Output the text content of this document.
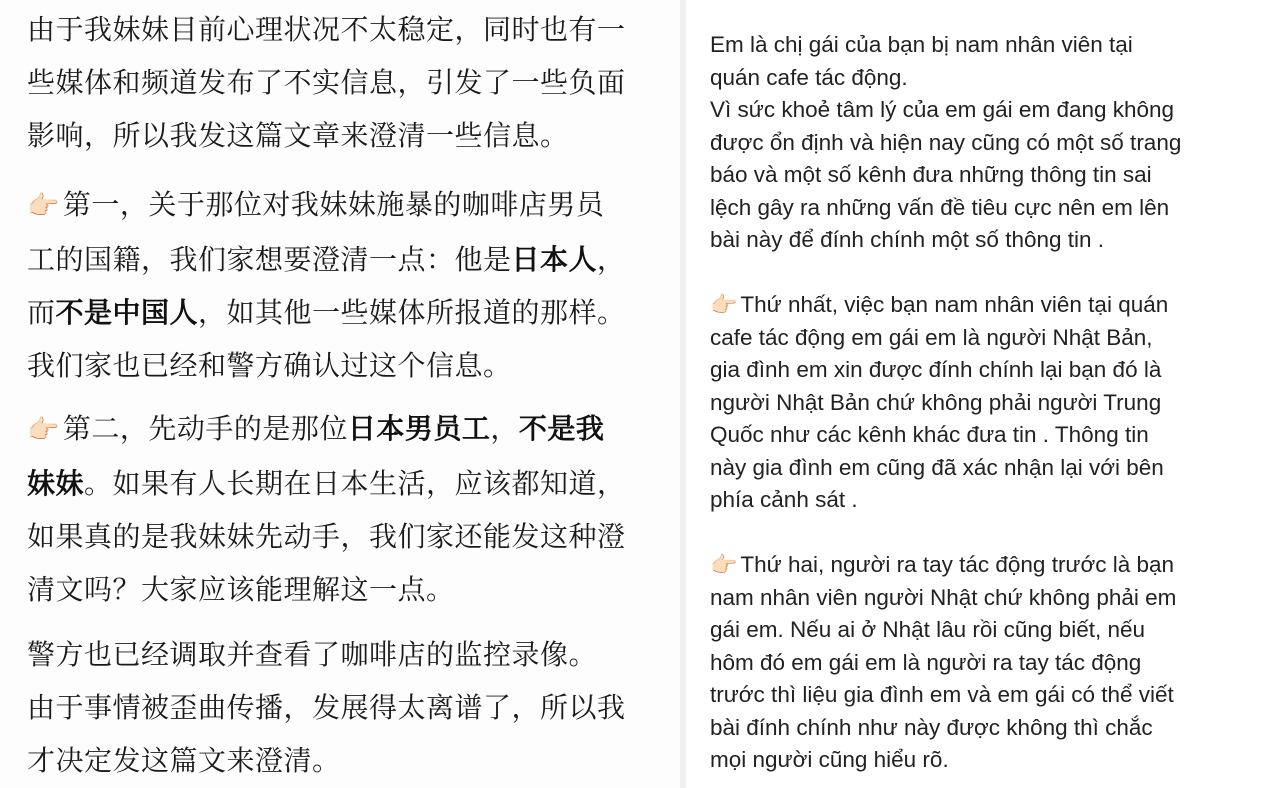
由于我妹妹目前心理状况不太稳定，同时也有一
些媒体和频道发布了不实信息，引发了一些负面
影响，所以我发这篇文章来澄清一些信息。

👉🏻 第一，关于那位对我妹妹施暴的咖啡店男员
工的国籍，我们家想要澄清一点：他是日本人，
而不是中国人，如其他一些媒体所报道的那样。
我们家也已经和警方确认过这个信息。

👉🏻 第二，先动手的是那位日本男员工，不是我
妹妹。如果有人长期在日本生活，应该都知道，
如果真的是我妹妹先动手，我们家还能发这种澄
清文吗？大家应该能理解这一点。

警方也已经调取并查看了咖啡店的监控录像。
由于事情被歪曲传播，发展得太离谱了，所以我
才决定发这篇文来澄清。

Em là chị gái của bạn bị nam nhân viên tại
quán cafe tác động.
Vì sức khoẻ tâm lý của em gái em đang không
được ổn định và hiện nay cũng có một số trang
báo và một số kênh đưa những thông tin sai
lệch gây ra những vấn đề tiêu cực nên em lên
bài này để đính chính một số thông tin .

👉🏻 Thứ nhất, việc bạn nam nhân viên tại quán
cafe tác động em gái em là người Nhật Bản,
gia đình em xin được đính chính lại bạn đó là
người Nhật Bản chứ không phải người Trung
Quốc như các kênh khác đưa tin . Thông tin
này gia đình em cũng đã xác nhận lại với bên
phía cảnh sát .

👉🏻 Thứ hai, người ra tay tác động trước là bạn
nam nhân viên người Nhật chứ không phải em
gái em. Nếu ai ở Nhật lâu rồi cũng biết, nếu
hôm đó em gái em là người ra tay tác động
trước thì liệu gia đình em và em gái có thể viết
bài đính chính như này được không thì chắc
mọi người cũng hiểu rõ.
